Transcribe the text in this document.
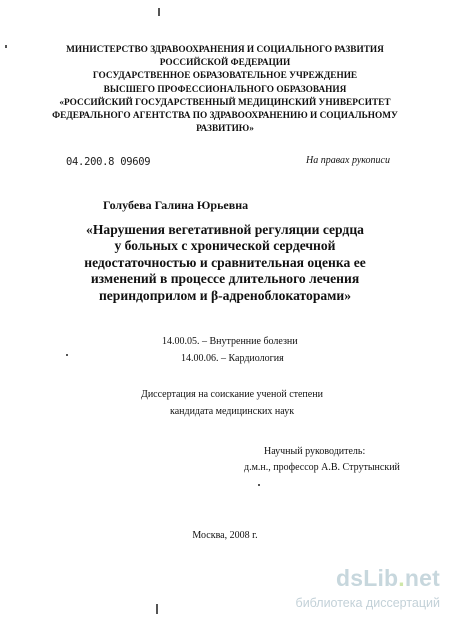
МИНИСТЕРСТВО ЗДРАВООХРАНЕНИЯ И СОЦИАЛЬНОГО РАЗВИТИЯ
РОССИЙСКОЙ ФЕДЕРАЦИИ
ГОСУДАРСТВЕННОЕ ОБРАЗОВАТЕЛЬНОЕ УЧРЕЖДЕНИЕ
ВЫСШЕГО ПРОФЕССИОНАЛЬНОГО ОБРАЗОВАНИЯ
«РОССИЙСКИЙ ГОСУДАРСТВЕННЫЙ МЕДИЦИНСКИЙ УНИВЕРСИТЕТ
ФЕДЕРАЛЬНОГО АГЕНТСТВА ПО ЗДРАВООХРАНЕНИЮ И СОЦИАЛЬНОМУ
РАЗВИТИЮ»
04.200.8 09609	На правах рукописи
Голубева Галина Юрьевна
«Нарушения вегетативной регуляции сердца
у больных с хронической сердечной
недостаточностью и сравнительная оценка ее
изменений в процессе длительного лечения
периндоприлом и β-адреноблокаторами»
14.00.05. – Внутренние болезни
14.00.06. – Кардиология
Диссертация на соискание ученой степени
кандидата медицинских наук
Научный руководитель:
д.м.н., профессор А.В. Струтынский
Москва, 2008 г.
dsLib.net
библиотека диссертаций
